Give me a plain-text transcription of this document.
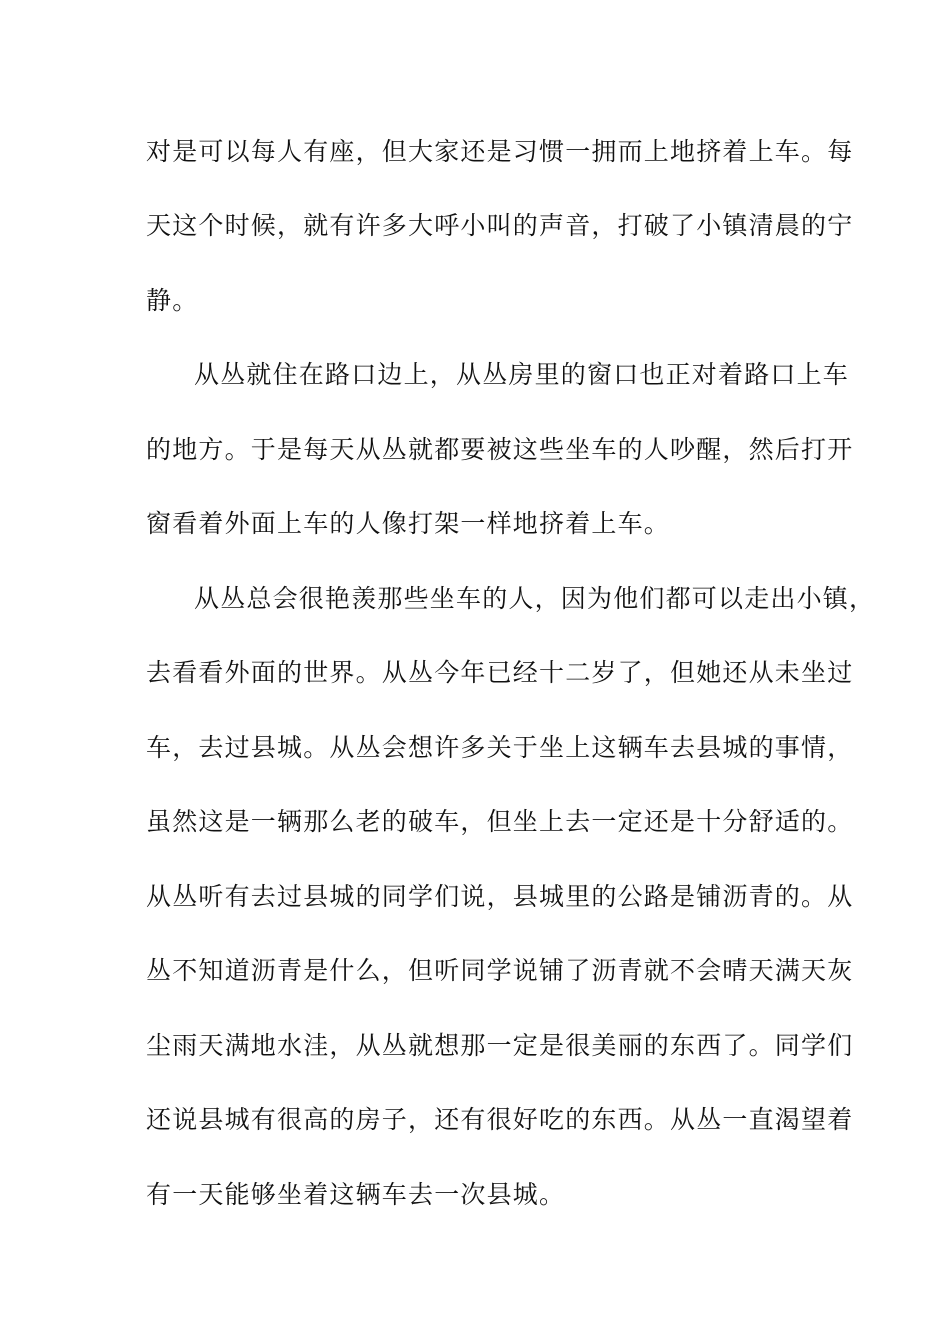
对是可以每人有座，但大家还是习惯一拥而上地挤着上车。每
天这个时候，就有许多大呼小叫的声音，打破了小镇清晨的宁
静。
从丛就住在路口边上，从丛房里的窗口也正对着路口上车
的地方。于是每天从丛就都要被这些坐车的人吵醒，然后打开
窗看着外面上车的人像打架一样地挤着上车。
从丛总会很艳羡那些坐车的人，因为他们都可以走出小镇，
去看看外面的世界。从丛今年已经十二岁了，但她还从未坐过
车，去过县城。从丛会想许多关于坐上这辆车去县城的事情，
虽然这是一辆那么老的破车，但坐上去一定还是十分舒适的。
从丛听有去过县城的同学们说，县城里的公路是铺沥青的。从
丛不知道沥青是什么，但听同学说铺了沥青就不会晴天满天灰
尘雨天满地水洼，从丛就想那一定是很美丽的东西了。同学们
还说县城有很高的房子，还有很好吃的东西。从丛一直渴望着
有一天能够坐着这辆车去一次县城。
